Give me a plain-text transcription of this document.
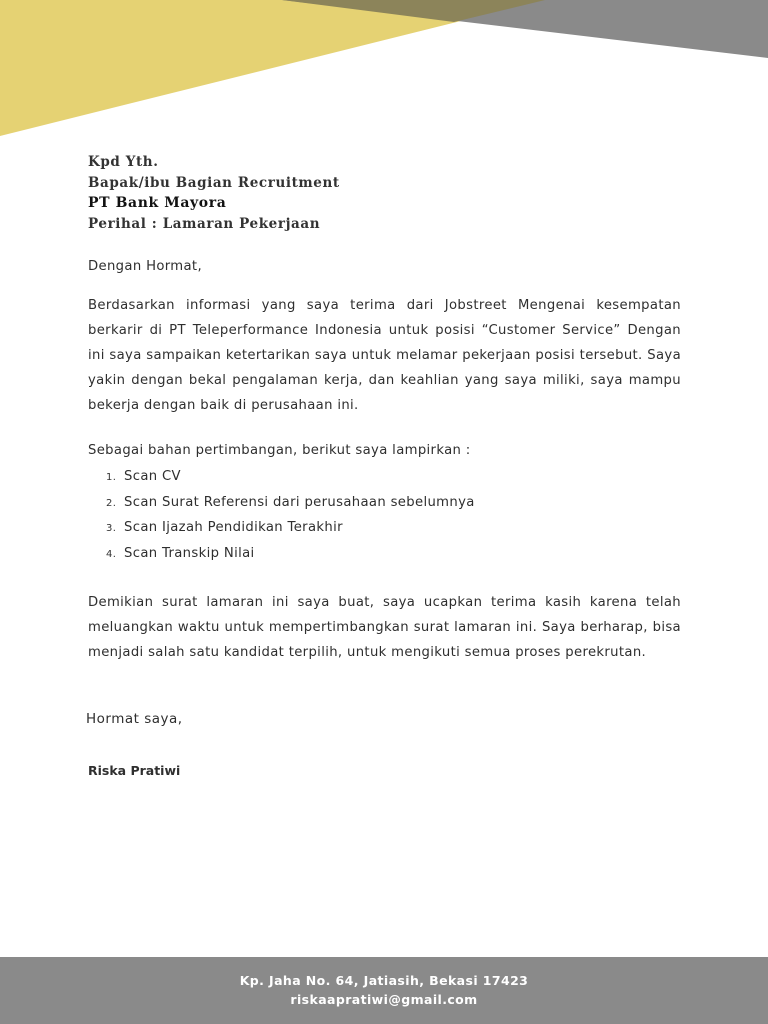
Kpd Yth.
Bapak/ibu Bagian Recruitment
PT Bank Mayora
Perihal : Lamaran Pekerjaan
Dengan Hormat,
Berdasarkan informasi yang saya terima dari Jobstreet Mengenai kesempatan berkarir di PT Teleperformance Indonesia untuk posisi “Customer Service” Dengan ini saya sampaikan ketertarikan saya untuk melamar pekerjaan posisi tersebut. Saya yakin dengan bekal pengalaman kerja, dan keahlian yang saya miliki, saya mampu bekerja dengan baik di perusahaan ini.
Sebagai bahan pertimbangan, berikut saya lampirkan :
1. Scan CV
2. Scan Surat Referensi dari perusahaan sebelumnya
3. Scan Ijazah Pendidikan Terakhir
4. Scan Transkip Nilai
Demikian surat lamaran ini saya buat, saya ucapkan terima kasih karena telah meluangkan waktu untuk mempertimbangkan surat lamaran ini. Saya berharap, bisa menjadi salah satu kandidat terpilih, untuk mengikuti semua proses perekrutan.
Hormat saya,
Riska Pratiwi
Kp. Jaha No. 64, Jatiasih, Bekasi 17423
riskaapratiwi@gmail.com
